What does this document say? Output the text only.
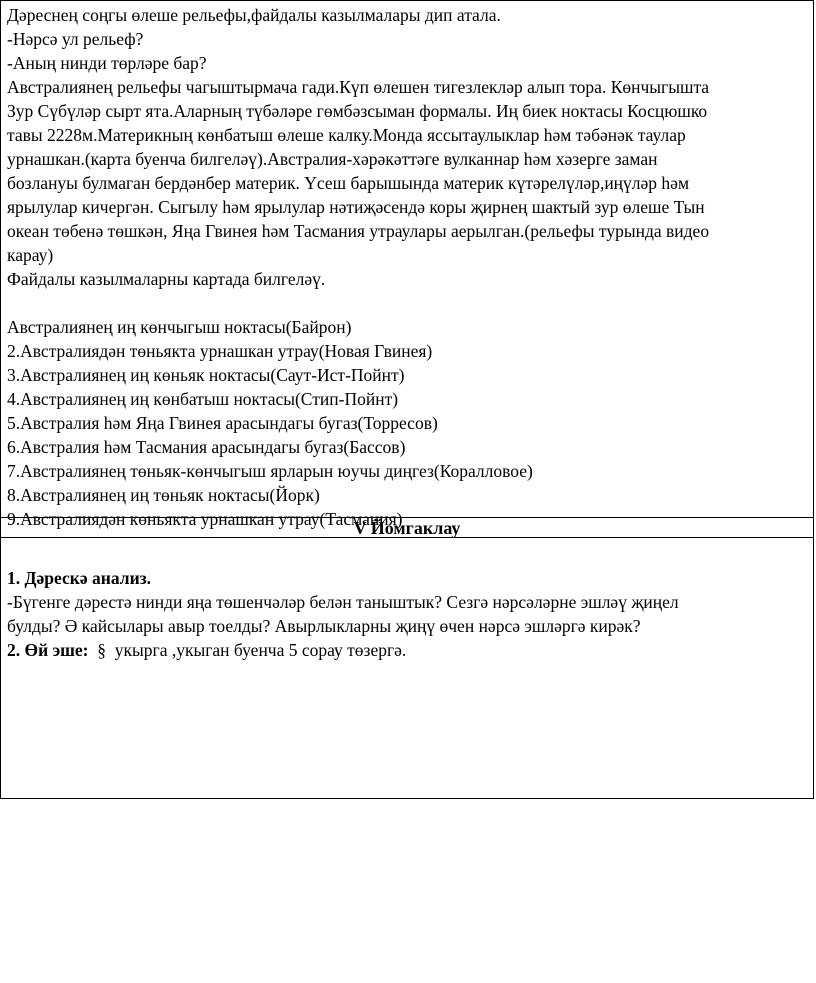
Дәреснең соңгы өлеше рельефы,файдалы казылмалары дип атала.
-Нәрсә ул рельеф?
-Аның нинди төрләре бар?
Австралиянең рельефы чагыштырмача гади.Күп өлешен тигезлекләр алып тора. Көнчыгышта
Зур Сүбүләр сырт ята.Аларның түбәләре гөмбәзсыман формалы. Иң биек ноктасы Косцюшко
тавы 2228м.Материкның көнбатыш өлеше калку.Монда яссытаулыклар һәм тәбәнәк таулар
урнашкан.(карта буенча билгеләү).Австралия-хәрәкәттәге вулканнар һәм хәзерге заман
бозлануы булмаган бердәнбер материк. Үсеш барышында материк күтәрелүләр,иңүләр һәм
ярылулар кичергән. Сыгылу һәм ярылулар нәтиҗәсендә коры җирнең шактый зур өлеше Тын
океан төбенә төшкән, Яңа Гвинея һәм Тасмания утраулары аерылган.(рельефы турында видео
карау)
Файдалы казылмаларны картада билгеләү.
Австралиянең иң көнчыгыш ноктасы(Байрон)
2.Австралиядән төньякта урнашкан утрау(Новая Гвинея)
3.Австралиянең иң көньяк ноктасы(Саут-Ист-Пойнт)
4.Австралиянең иң көнбатыш ноктасы(Стип-Пойнт)
5.Австралия һәм Яңа Гвинея арасындагы бугаз(Торресов)
6.Австралия һәм Тасмания арасындагы бугаз(Бассов)
7.Австралиянең төньяк-көнчыгыш ярларын юучы диңгез(Коралловое)
8.Австралиянең иң төньяк ноктасы(Йорк)
9.Австралиядән көньякта урнашкан утрау(Тасмания)
V Йомгаклау
1. Дәрескә анализ.
-Бүгенге дәрестә нинди яңа төшенчәләр белән таныштык? Сезгә нәрсәләрне эшләү җиңел
булды? Ә кайсылары авыр тоелды? Авырлыкларны җиңү өчен нәрсә эшләргә кирәк?
2. Өй эше: § укырга ,укыган буенча 5 сорау төзергә.
